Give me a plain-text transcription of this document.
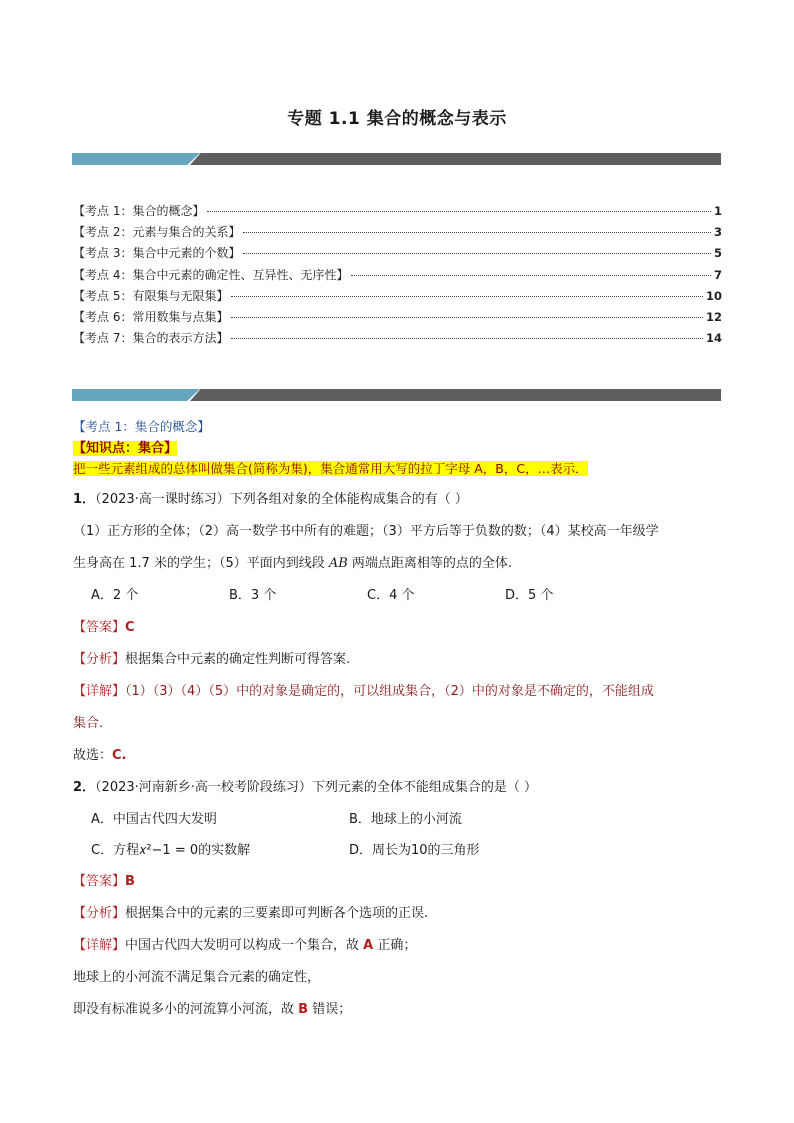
专题 1.1 集合的概念与表示
【考点 1：集合的概念】	1
【考点 2：元素与集合的关系】	3
【考点 3：集合中元素的个数】	5
【考点 4：集合中元素的确定性、互异性、无序性】	7
【考点 5：有限集与无限集】	10
【考点 6：常用数集与点集】	12
【考点 7：集合的表示方法】	14
【考点 1：集合的概念】
【知识点：集合】
把一些元素组成的总体叫做集合(简称为集)，集合通常用大写的拉丁字母 A，B，C，…表示．
1．（2023·高一课时练习）下列各组对象的全体能构成集合的有（ ）
（1）正方形的全体；（2）高一数学书中所有的难题；（3）平方后等于负数的数；（4）某校高一年级学
生身高在 1.7 米的学生；（5）平面内到线段 AB 两端点距离相等的点的全体.
A．2 个	B．3 个	C．4 个	D．5 个
【答案】C
【分析】根据集合中元素的确定性判断可得答案.
【详解】（1）（3）（4）（5）中的对象是确定的，可以组成集合，（2）中的对象是不确定的，不能组成
集合.
故选：C.
2．（2023·河南新乡·高一校考阶段练习）下列元素的全体不能组成集合的是（ ）
A．中国古代四大发明	B．地球上的小河流
C．方程𝑥²−1 = 0的实数解	D．周长为10的三角形
【答案】B
【分析】根据集合中的元素的三要素即可判断各个选项的正误.
【详解】中国古代四大发明可以构成一个集合，故 A 正确；
地球上的小河流不满足集合元素的确定性，
即没有标准说多小的河流算小河流，故 B 错误；
